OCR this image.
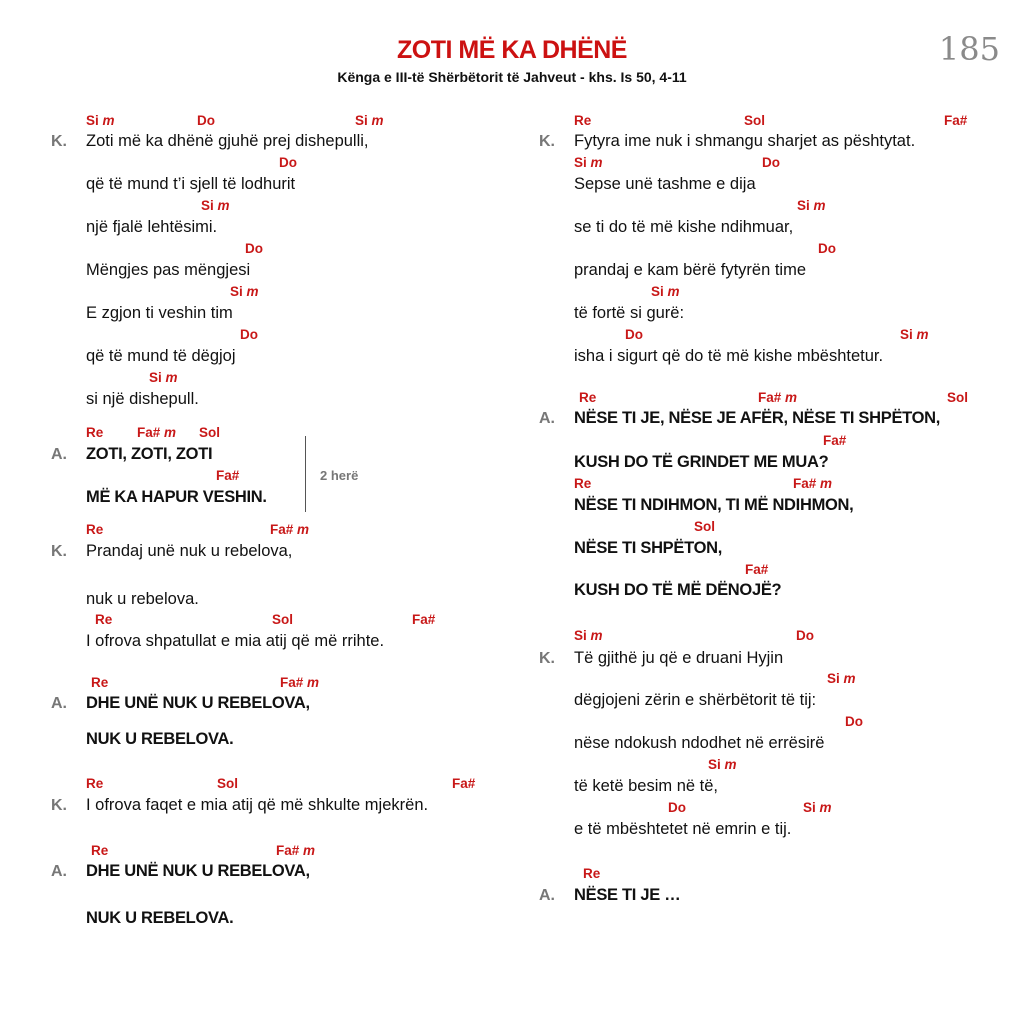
ZOTI MË KA DHËNË
Kënga e III-të Shërbëtorit të Jahveut - khs. Is 50, 4-11
185
K.
A.
K.
A.
K.
A.
K.
A.
K.
A.
2 herë
Si m	Do	Si m
Do
Si m
Do
Si m
Do
Si m
Re Fa# m Sol
Fa#
Re	Fa# m
Re	Sol	Fa#
Re	Fa# m
Re	Sol	Fa#
Re	Fa# m
Re	Sol	Fa#
Si m	Do
Si m
Do
Si m
Do	Si m
Re	Fa# m	Sol
Fa#
Re	Fa# m
Sol
Fa#
Si m	Do
Si m
Do
Si m
Do	Si m
Re
Zoti më ka dhënë gjuhë prej dishepulli,
që të mund t’i sjell të lodhurit
një fjalë lehtësimi.
Mëngjes pas mëngjesi
E zgjon ti veshin tim
që të mund të dëgjoj
si një dishepull.
ZOTI, ZOTI, ZOTI
MË KA HAPUR VESHIN.
Prandaj unë nuk u rebelova,
nuk u rebelova.
I ofrova shpatullat e mia atij që më rrihte.
DHE UNË NUK U REBELOVA,
NUK U REBELOVA.
I ofrova faqet e mia atij që më shkulte mjekrën.
DHE UNË NUK U REBELOVA,
NUK U REBELOVA.
Fytyra ime nuk i shmangu sharjet as pështytat.
Sepse unë tashme e dija
se ti do të më kishe ndihmuar,
prandaj e kam bërë fytyrën time
të fortë si gurë:
isha i sigurt që do të më kishe mbështetur.
NËSE TI JE, NËSE JE AFËR, NËSE TI SHPËTON,
KUSH DO TË GRINDET ME MUA?
NËSE TI NDIHMON, TI MË NDIHMON,
NËSE TI SHPËTON,
KUSH DO TË MË DËNOJË?
Të gjithë ju që e druani Hyjin
dëgjojeni zërin e shërbëtorit të tij:
nëse ndokush ndodhet në errësirë
të ketë besim në të,
e të mbështetet në emrin e tij.
NËSE TI JE …
